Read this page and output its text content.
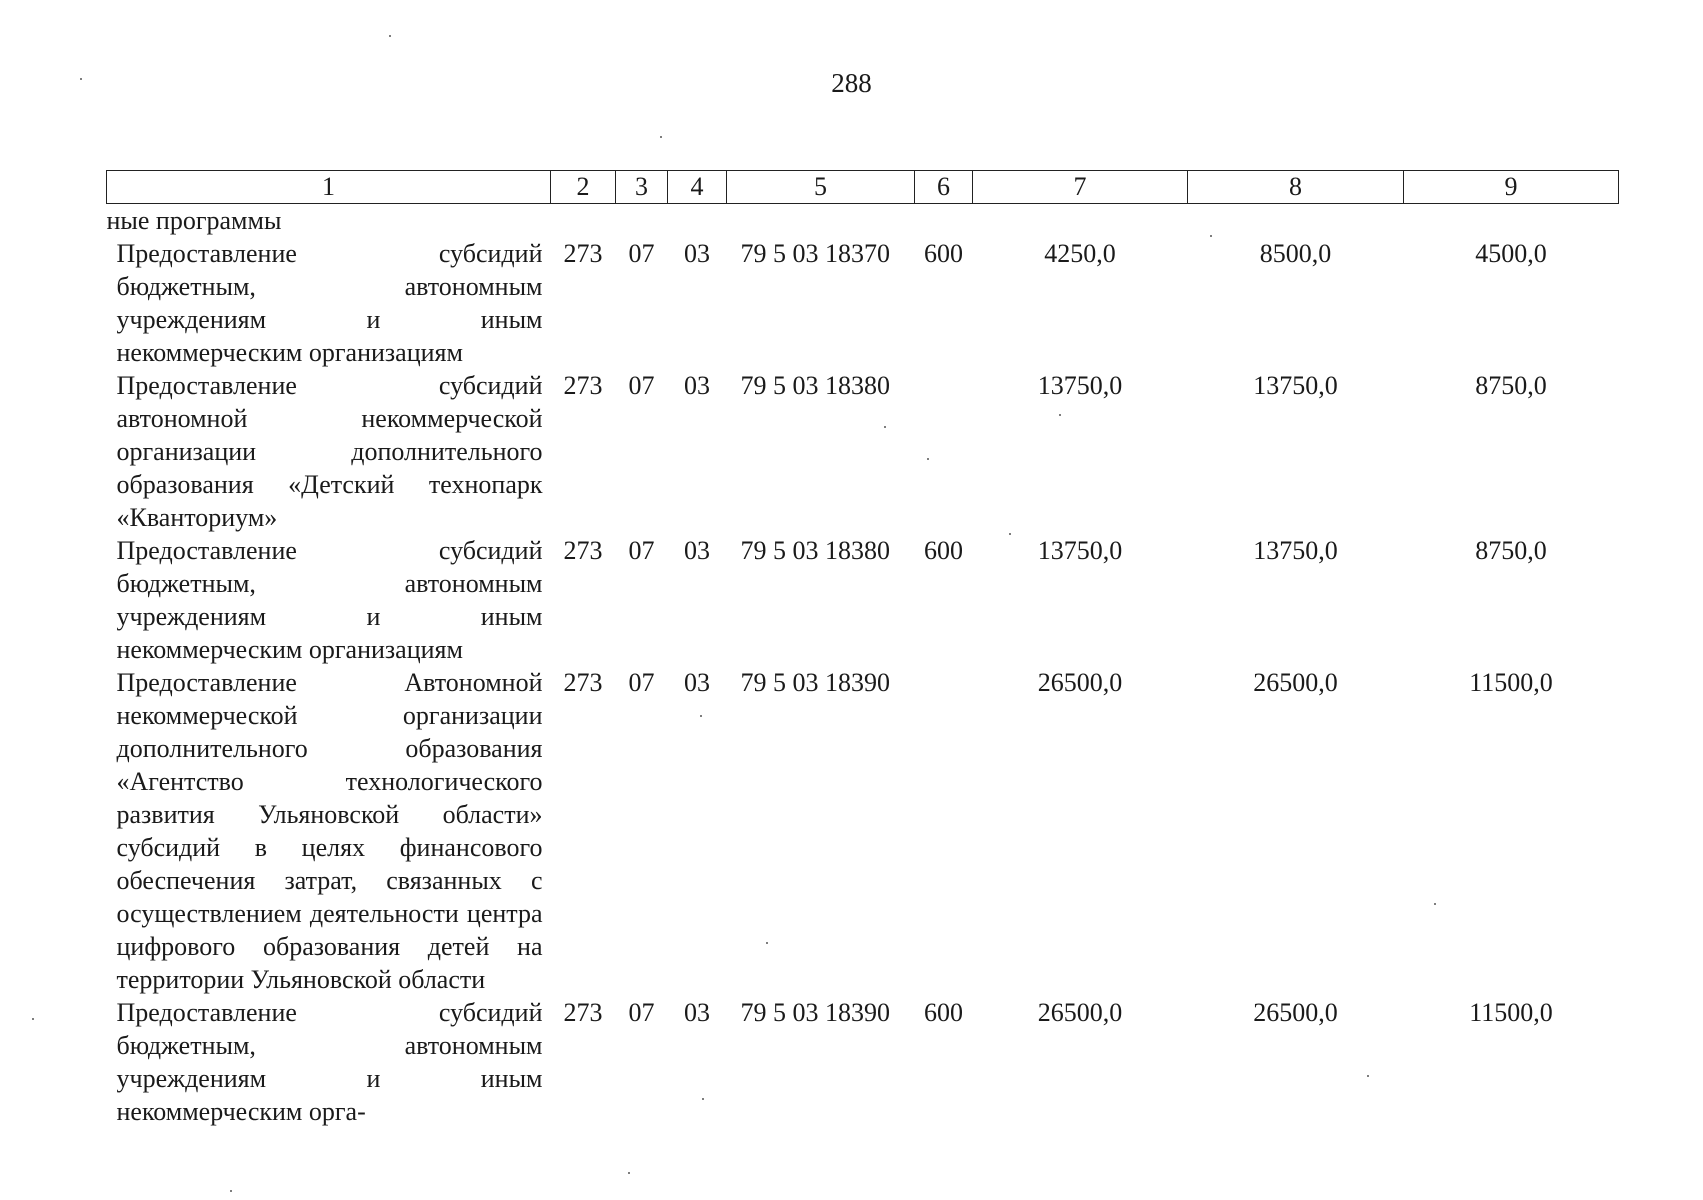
288
1	2	3	4	5	6	7	8	9
ные программы								
Предоставление субсидий бюджетным, автономным учреждениям и иным некоммерческим организациям	273	07	03	79 5 03 18370	600	4250,0	8500,0	4500,0
Предоставление субсидий автономной некоммерческой организации дополнительного образования «Детский технопарк «Кванториум»	273	07	03	79 5 03 18380		13750,0	13750,0	8750,0
Предоставление субсидий бюджетным, автономным учреждениям и иным некоммерческим организациям	273	07	03	79 5 03 18380	600	13750,0	13750,0	8750,0
Предоставление Автономной некоммерческой организации дополнительного образования «Агентство технологического развития Ульяновской области» субсидий в целях финансового обеспечения затрат, связанных с осуществлением деятельности центра цифрового образования детей на территории Ульяновской области	273	07	03	79 5 03 18390		26500,0	26500,0	11500,0
Предоставление субсидий бюджетным, автономным учреждениям и иным некоммерческим орга-	273	07	03	79 5 03 18390	600	26500,0	26500,0	11500,0
